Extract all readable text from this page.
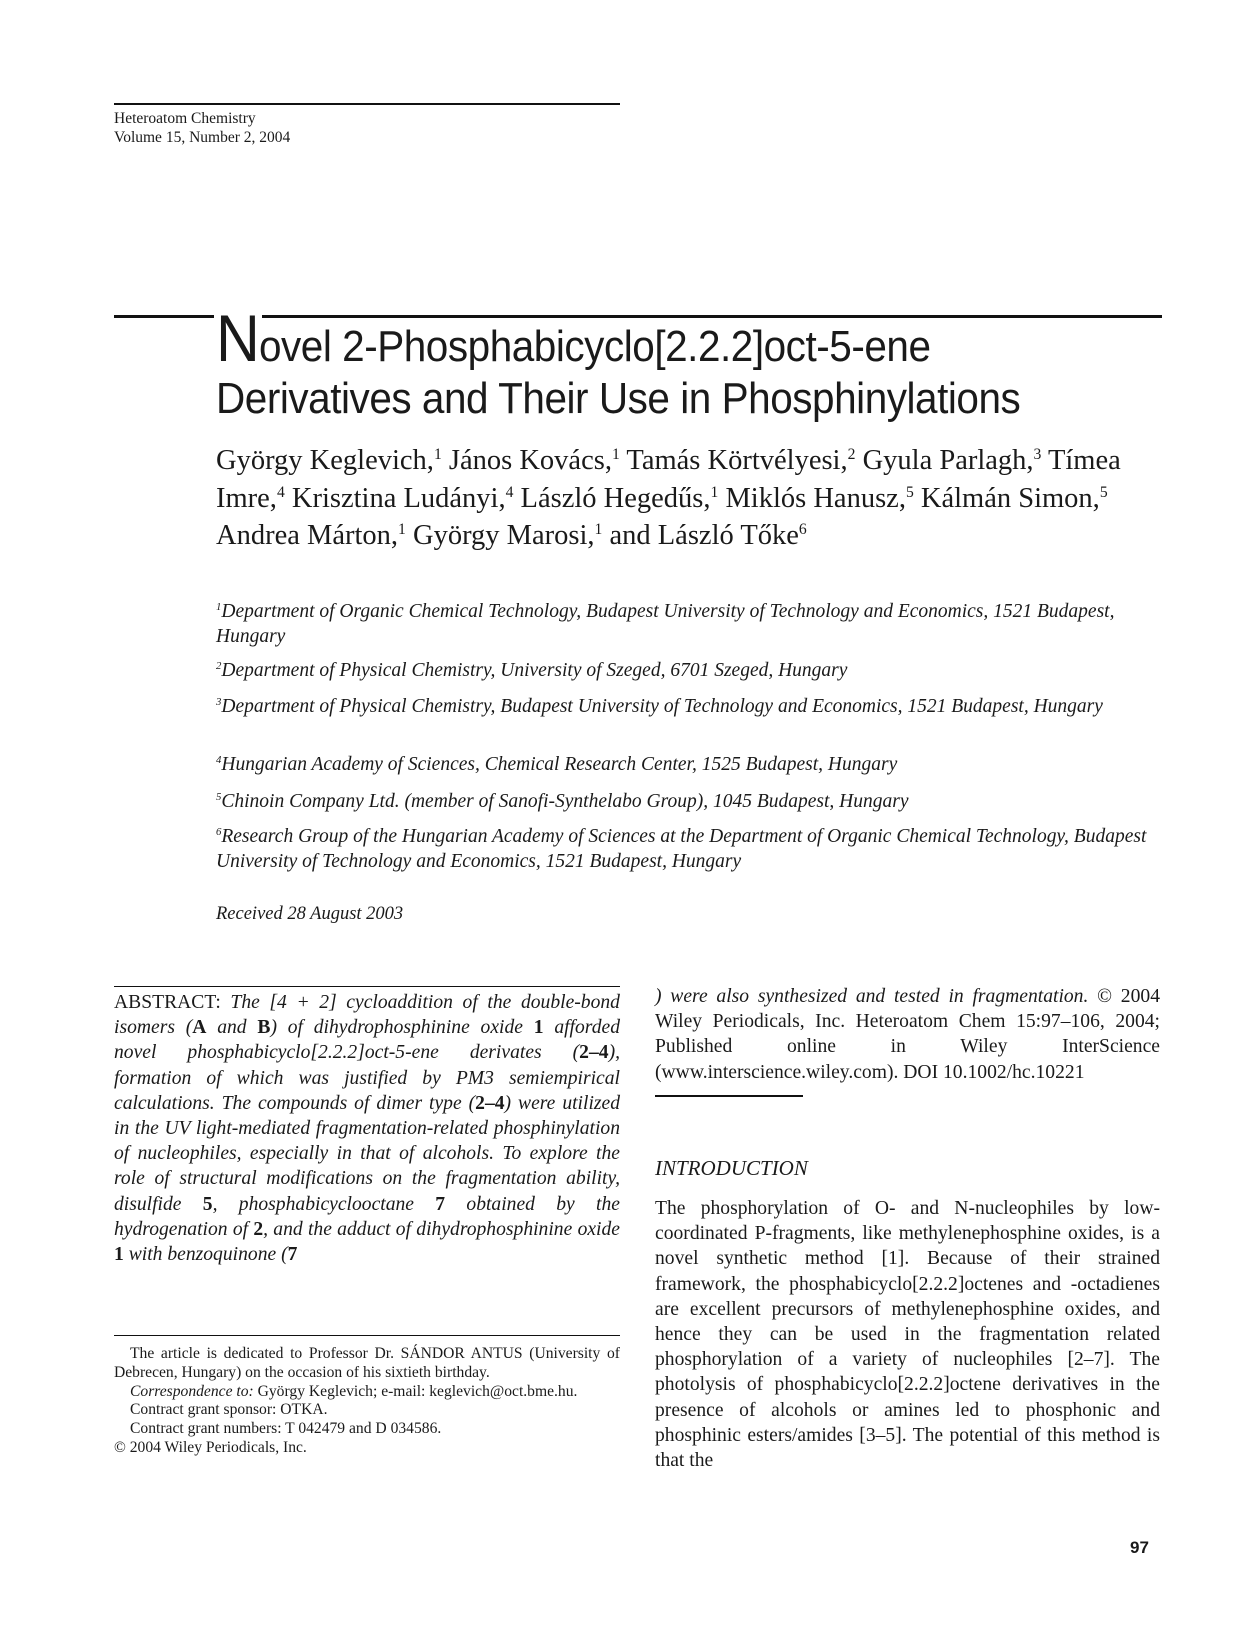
Heteroatom Chemistry
Volume 15, Number 2, 2004
Novel 2-Phosphabicyclo[2.2.2]oct-5-ene
Derivatives and Their Use in Phosphinylations
György Keglevich,$^1$ János Kovács,$^1$ Tamás Körtvélyesi,$^2$ Gyula Parlagh,$^3$ Tímea Imre,$^4$ Krisztina Ludányi,$^4$ László Hegedűs,$^1$ Miklós Hanusz,$^5$ Kálmán Simon,$^5$ Andrea Márton,$^1$ György Marosi,$^1$ and László Tőke$^6$
$^1$Department of Organic Chemical Technology, Budapest University of Technology and Economics, 1521 Budapest, Hungary
$^2$Department of Physical Chemistry, University of Szeged, 6701 Szeged, Hungary
$^3$Department of Physical Chemistry, Budapest University of Technology and Economics, 1521 Budapest, Hungary
$^4$Hungarian Academy of Sciences, Chemical Research Center, 1525 Budapest, Hungary
$^5$Chinoin Company Ltd. (member of Sanofi-Synthelabo Group), 1045 Budapest, Hungary
$^6$Research Group of the Hungarian Academy of Sciences at the Department of Organic Chemical Technology, Budapest University of Technology and Economics, 1521 Budapest, Hungary
Received 28 August 2003
ABSTRACT: The [4 + 2] cycloaddition of the double-bond isomers (A and B) of dihydrophosphinine oxide 1 afforded novel phosphabicyclo[2.2.2]oct-5-ene derivates (2–4), formation of which was justified by PM3 semiempirical calculations. The compounds of dimer type (2–4) were utilized in the UV light-mediated fragmentation-related phosphinylation of nucleophiles, especially in that of alcohols. To explore the role of structural modifications on the fragmentation ability, disulfide 5, phosphabicyclooctane 7 obtained by the hydrogenation of 2, and the adduct of dihydrophosphinine oxide 1 with benzoquinone (7

The article is dedicated to Professor Dr. SÁNDOR ANTUS (University of Debrecen, Hungary) on the occasion of his sixtieth birthday.

Correspondence to: György Keglevich; e-mail: keglevich@oct.bme.hu.

Contract grant sponsor: OTKA.

Contract grant numbers: T 042479 and D 034586.

© 2004 Wiley Periodicals, Inc.

) were also synthesized and tested in fragmentation. © 2004 Wiley Periodicals, Inc. Heteroatom Chem 15:97–106, 2004; Published online in Wiley InterScience (www.interscience.wiley.com). DOI 10.1002/hc.10221
INTRODUCTION
The phosphorylation of O- and N-nucleophiles by low-coordinated P-fragments, like methylenephosphine oxides, is a novel synthetic method [1]. Because of their strained framework, the phosphabicyclo[2.2.2]octenes and -octadienes are excellent precursors of methylenephosphine oxides, and hence they can be used in the fragmentation related phosphorylation of a variety of nucleophiles [2–7]. The photolysis of phosphabicyclo[2.2.2]octene derivatives in the presence of alcohols or amines led to phosphonic and phosphinic esters/amides [3–5]. The potential of this method is that the
97
